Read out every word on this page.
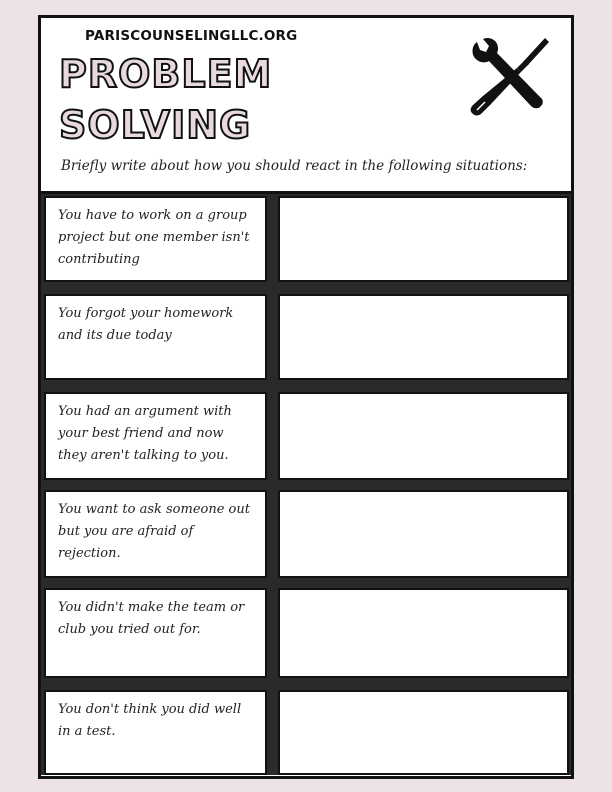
PARISCOUNSELINGLLC.ORG
PROBLEM
SOLVING
Briefly write about how you should react in the following situations:
You have to work on a group project but one member isn't contributing
You forgot your homework and its due today
You had an argument with your best friend and now they aren't talking to you.
You want to ask someone out but you are afraid of rejection.
You didn't make the team or club you tried out for.
You don't think you did well in a test.
